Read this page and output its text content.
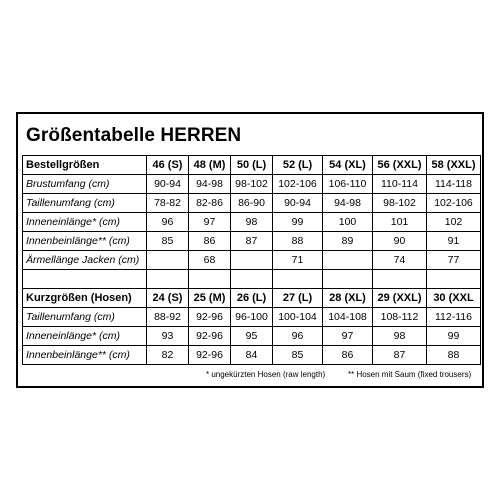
Größentabelle HERREN
Bestellgrößen	46 (S)	48 (M)	50 (L)	52 (L)	54 (XL)	56 (XXL)	58 (XXL)
Brustumfang (cm)	90-94	94-98	98-102	102-106	106-110	110-114	114-118
Taillenumfang (cm)	78-82	82-86	86-90	90-94	94-98	98-102	102-106
Inneneinlänge* (cm)	96	97	98	99	100	101	102
Innenbeinlänge** (cm)	85	86	87	88	89	90	91
Ärmellänge Jacken (cm)		68		71		74	77

Kurzgrößen (Hosen)	24 (S)	25 (M)	26 (L)	27 (L)	28 (XL)	29 (XXL)	30 (XXL
Taillenumfang (cm)	88-92	92-96	96-100	100-104	104-108	108-112	112-116
Inneneinlänge* (cm)	93	92-96	95	96	97	98	99
Innenbeinlänge** (cm)	82	92-96	84	85	86	87	88
* ungekürzten Hosen (raw length)	** Hosen mit Saum (fixed trousers)
